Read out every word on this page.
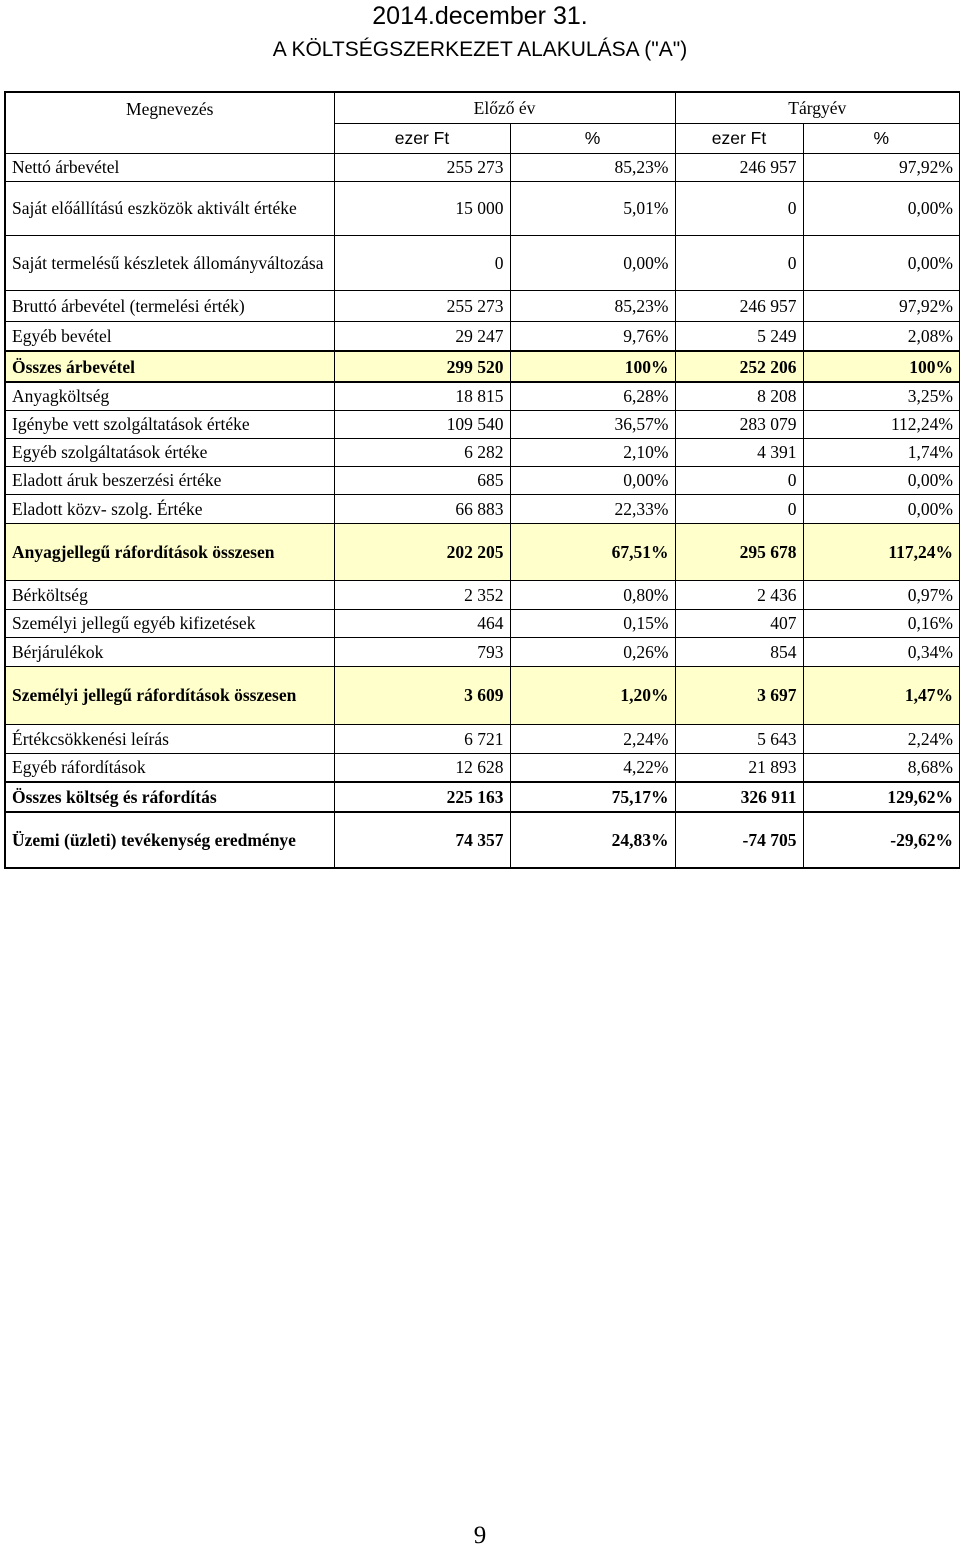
2014.december 31.
A KÖLTSÉGSZERKEZET ALAKULÁSA ("A")
Megnevezés	Előző év		Tárgyév	
	ezer Ft	%	ezer Ft	%
Nettó árbevétel	255 273	85,23%	246 957	97,92%
Saját előállítású eszközök aktivált értéke	15 000	5,01%	0	0,00%
Saját termelésű készletek állományváltozása	0	0,00%	0	0,00%
Bruttó árbevétel (termelési érték)	255 273	85,23%	246 957	97,92%
Egyéb bevétel	29 247	9,76%	5 249	2,08%
Összes árbevétel	299 520	100%	252 206	100%
Anyagköltség	18 815	6,28%	8 208	3,25%
Igénybe vett szolgáltatások értéke	109 540	36,57%	283 079	112,24%
Egyéb szolgáltatások értéke	6 282	2,10%	4 391	1,74%
Eladott áruk beszerzési értéke	685	0,00%	0	0,00%
Eladott közv- szolg. Értéke	66 883	22,33%	0	0,00%
Anyagjellegű ráfordítások összesen	202 205	67,51%	295 678	117,24%
Bérköltség	2 352	0,80%	2 436	0,97%
Személyi jellegű egyéb kifizetések	464	0,15%	407	0,16%
Bérjárulékok	793	0,26%	854	0,34%
Személyi jellegű ráfordítások összesen	3 609	1,20%	3 697	1,47%
Értékcsökkenési leírás	6 721	2,24%	5 643	2,24%
Egyéb ráfordítások	12 628	4,22%	21 893	8,68%
Összes költség és ráfordítás	225 163	75,17%	326 911	129,62%
Üzemi (üzleti) tevékenység eredménye	74 357	24,83%	-74 705	-29,62%
9
